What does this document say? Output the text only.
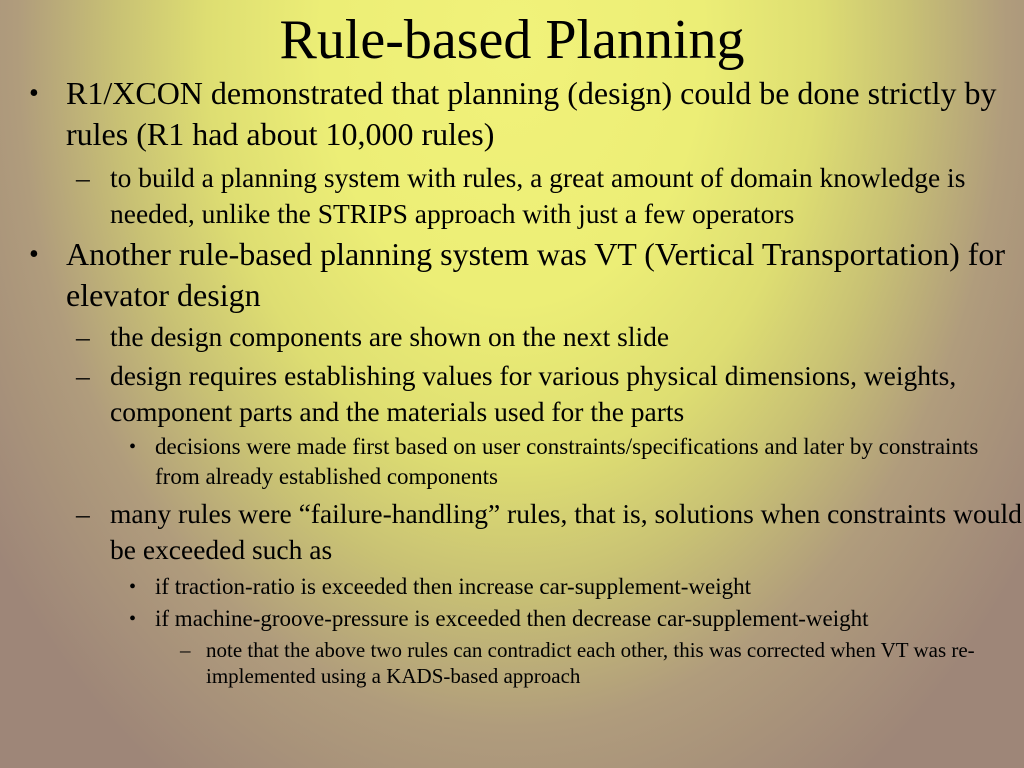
Rule-based Planning
• R1/XCON demonstrated that planning (design) could be done strictly by rules (R1 had about 10,000 rules)
– to build a planning system with rules, a great amount of domain knowledge is needed, unlike the STRIPS approach with just a few operators
• Another rule-based planning system was VT (Vertical Transportation) for elevator design
– the design components are shown on the next slide
– design requires establishing values for various physical dimensions, weights, component parts and the materials used for the parts
• decisions were made first based on user constraints/specifications and later by constraints from already established components
– many rules were “failure-handling” rules, that is, solutions when constraints would be exceeded such as
• if traction-ratio is exceeded then increase car-supplement-weight
• if machine-groove-pressure is exceeded then decrease car-supplement-weight
– note that the above two rules can contradict each other, this was corrected when VT was re-implemented using a KADS-based approach
